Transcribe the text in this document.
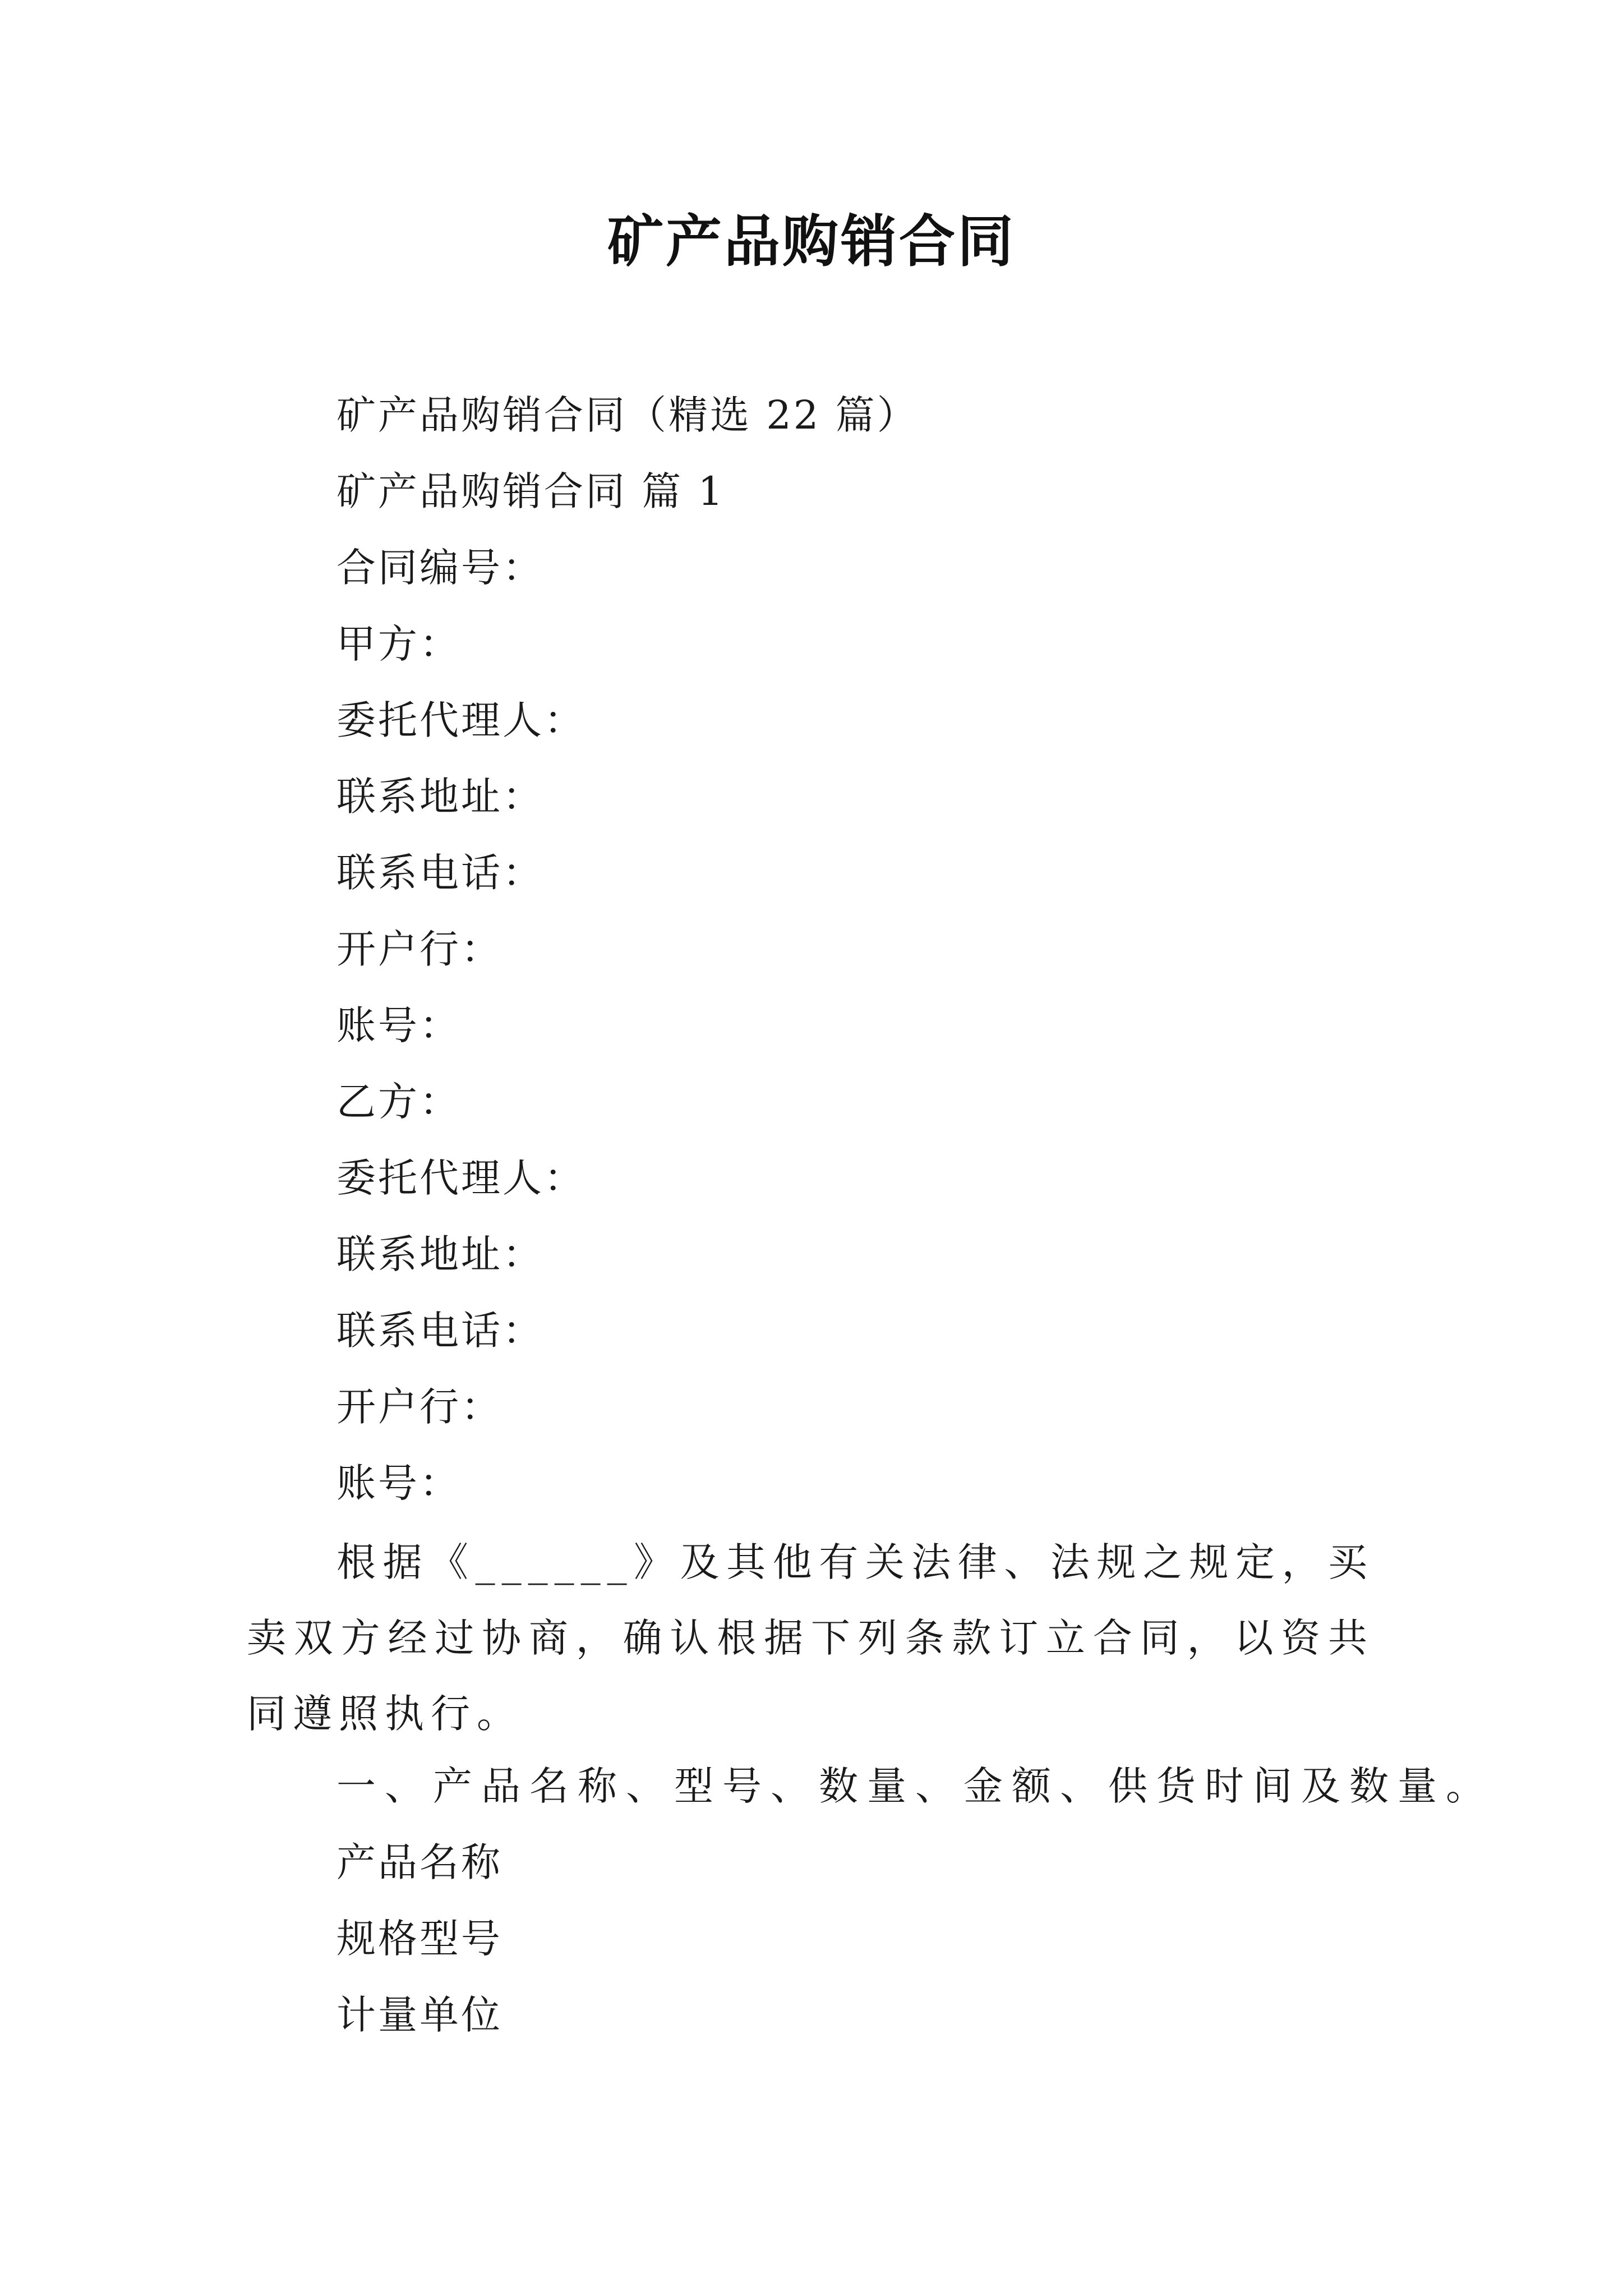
矿产品购销合同
矿产品购销合同（精选 22 篇）
矿产品购销合同 篇 1
合同编号：
甲方：
委托代理人：
联系地址：
联系电话：
开户行：
账号：
乙方：
委托代理人：
联系地址：
联系电话：
开户行：
账号：
根据《______》及其他有关法律、法规之规定，买卖双方经过协商，确认根据下列条款订立合同，以资共同遵照执行。
一、产品名称、型号、数量、金额、供货时间及数量。
产品名称
规格型号
计量单位
